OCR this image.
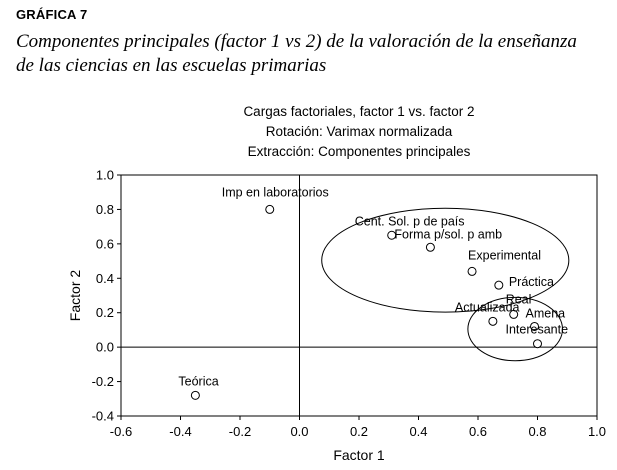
GRÁFICA 7
Componentes principales (factor 1 vs 2) de la valoración de la enseñanza
de las ciencias en las escuelas primarias
Cargas factoriales, factor 1 vs. factor 2
Rotación: Varimax normalizada
Extracción: Componentes principales
-0.6	-0.4	-0.2	0.0	0.2	0.4	0.6	0.8	1.0
-0.4
-0.2
0.0
0.2
0.4
0.6
0.8
1.0
Imp en laboratorios
Teórica
Cent. Sol. p de país
Forma p/sol. p amb
Experimental
Práctica
Real
Actualizada Amena
Interesante
Factor 1
Factor 2
